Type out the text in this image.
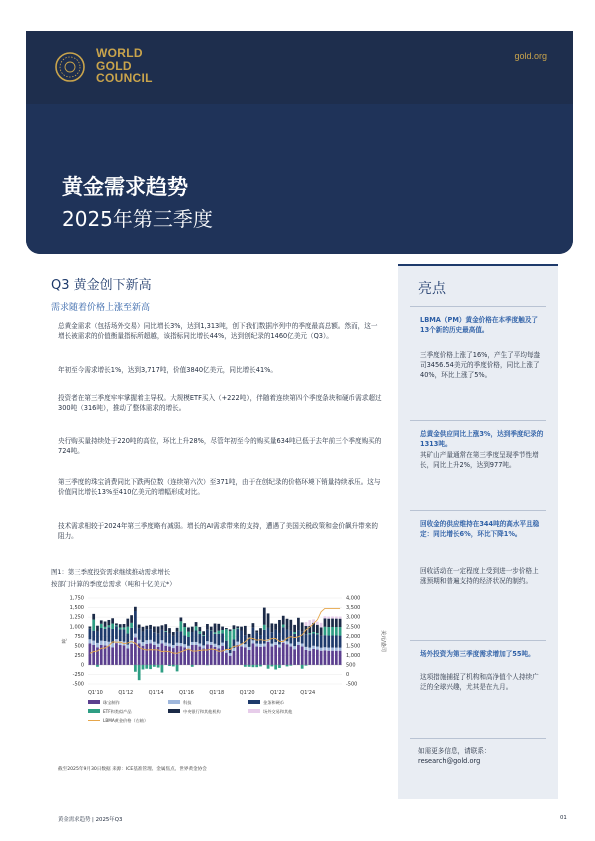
WORLD
GOLD
COUNCIL
gold.org
黄金需求趋势
2025年第三季度
Q3 黄金创下新高
需求随着价格上涨至新高
总黄金需求（包括场外交易）同比增长3%，达到1,313吨，创下我们数据序列中的季度最高总额。然而，这一增长被需求的价值衡量指标所超越，该指标同比增长44%，达到创纪录的1460亿美元（Q3）。
年初至今需求增长1%，达到3,717吨，价值3840亿美元，同比增长41%。
投资者在第三季度牢牢掌握着主导权。大规模ETF买入（+222吨），伴随着连续第四个季度条块和硬币需求超过300吨（316吨），推动了整体需求的增长。
央行购买量持续处于220吨的高位，环比上升28%，尽管年初至今的购买量634吨已低于去年前三个季度购买的724吨。
第三季度的珠宝消费同比下跌两位数（连续第六次）至371吨，由于在创纪录的价格环境下销量持续承压。这与价值同比增长13%至410亿美元的增幅形成对比。
技术需求相较于2024年第三季度略有减弱。增长的AI需求带来的支持，遭遇了美国关税政策和金价飙升带来的阻力。
图1：第三季度投资需求继续推动需求增长
按部门计算的季度总需求（吨和十亿美元*）
-500
-250
0
250
500
750
1,000
1,250
1,500
1,750
-500
0
500
1,000
1,500
2,000
2,500
3,000
3,500
4,000
吨	美元/盎司
Q1'10	Q1'12	Q1'14	Q1'16	Q1'18	Q1'20	Q1'22	Q1'24
珠宝制作	科技	金条和硬币
ETF和类似产品	中央银行和其他机构	场外交易和其他
LBMA黄金价格（右轴）
截至2025年9月30日数据 来源：ICE基准管理、金属焦点、世界黄金协会
亮点
LBMA（PM）黄金价格在本季度触及了13个新的历史最高值。
三季度价格上涨了16%，产生了平均每盎司3456.54美元的季度价格，同比上涨了40%，环比上涨了5%。
总黄金供应同比上涨3%，达到季度纪录的1313吨。
其矿山产量通常在第三季度呈现季节性增长，同比上升2%，达到977吨。
回收金的供应维持在344吨的高水平且稳定：同比增长6%，环比下降1%。
回收活动在一定程度上受到进一步价格上涨预期和普遍支持的经济状况的制约。
场外投资为第三季度需求增加了55吨。
这项措施捕捉了机构和高净值个人持续广泛的全球兴趣，尤其是在九月。
如需更多信息，请联系：research@gold.org
黄金需求趋势 | 2025年Q3	01
